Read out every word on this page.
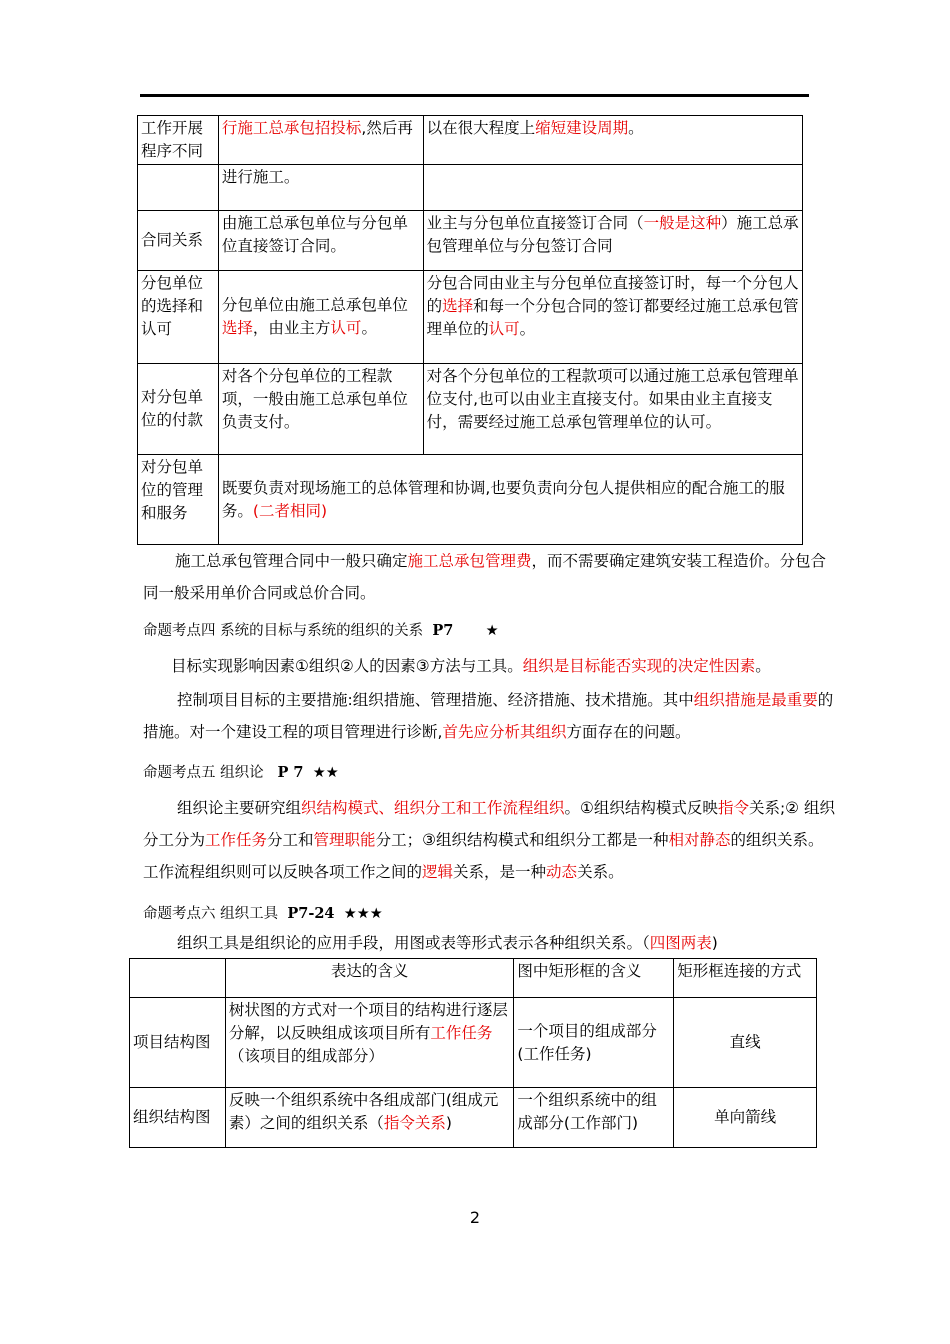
工作开展程序不同	行施工总承包招投标,然后再	以在很大程度上缩短建设周期。
	进行施工。	
合同关系	由施工总承包单位与分包单位直接签订合同。	业主与分包单位直接签订合同（一般是这种）施工总承包管理单位与分包签订合同
分包单位的选择和认可	分包单位由施工总承包单位选择，由业主方认可。	分包合同由业主与分包单位直接签订时，每一个分包人的选择和每一个分包合同的签订都要经过施工总承包管理单位的认可。
对分包单位的付款	对各个分包单位的工程款项，一般由施工总承包单位负责支付。	对各个分包单位的工程款项可以通过施工总承包管理单位支付,也可以由业主直接支付。如果由业主直接支付，需要经过施工总承包管理单位的认可。
对分包单位的管理和服务	既要负责对现场施工的总体管理和协调,也要负责向分包人提供相应的配合施工的服务。(二者相同)	
施工总承包管理合同中一般只确定施工总承包管理费，而不需要确定建筑安装工程造价。分包合同一般采用单价合同或总价合同。
命题考点四 系统的目标与系统的组织的关系 P7 ★
目标实现影响因素①组织②人的因素③方法与工具。组织是目标能否实现的决定性因素。
控制项目目标的主要措施:组织措施、管理措施、经济措施、技术措施。其中组织措施是最重要的措施。对一个建设工程的项目管理进行诊断,首先应分析其组织方面存在的问题。
命题考点五 组织论 P 7 ★★
组织论主要研究组织结构模式、组织分工和工作流程组织。①组织结构模式反映指令关系;② 组织分工分为工作任务分工和管理职能分工；③组织结构模式和组织分工都是一种相对静态的组织关系。工作流程组织则可以反映各项工作之间的逻辑关系，是一种动态关系。
命题考点六 组织工具 P7-24 ★★★
组织工具是组织论的应用手段，用图或表等形式表示各种组织关系。（四图两表)
	表达的含义	图中矩形框的含义	矩形框连接的方式
项目结构图	树状图的方式对一个项目的结构进行逐层分解，以反映组成该项目所有工作任务（该项目的组成部分）	一个项目的组成部分(工作任务)	直线
组织结构图	反映一个组织系统中各组成部门(组成元素）之间的组织关系（指令关系)	一个组织系统中的组成部分(工作部门)	单向箭线
2
